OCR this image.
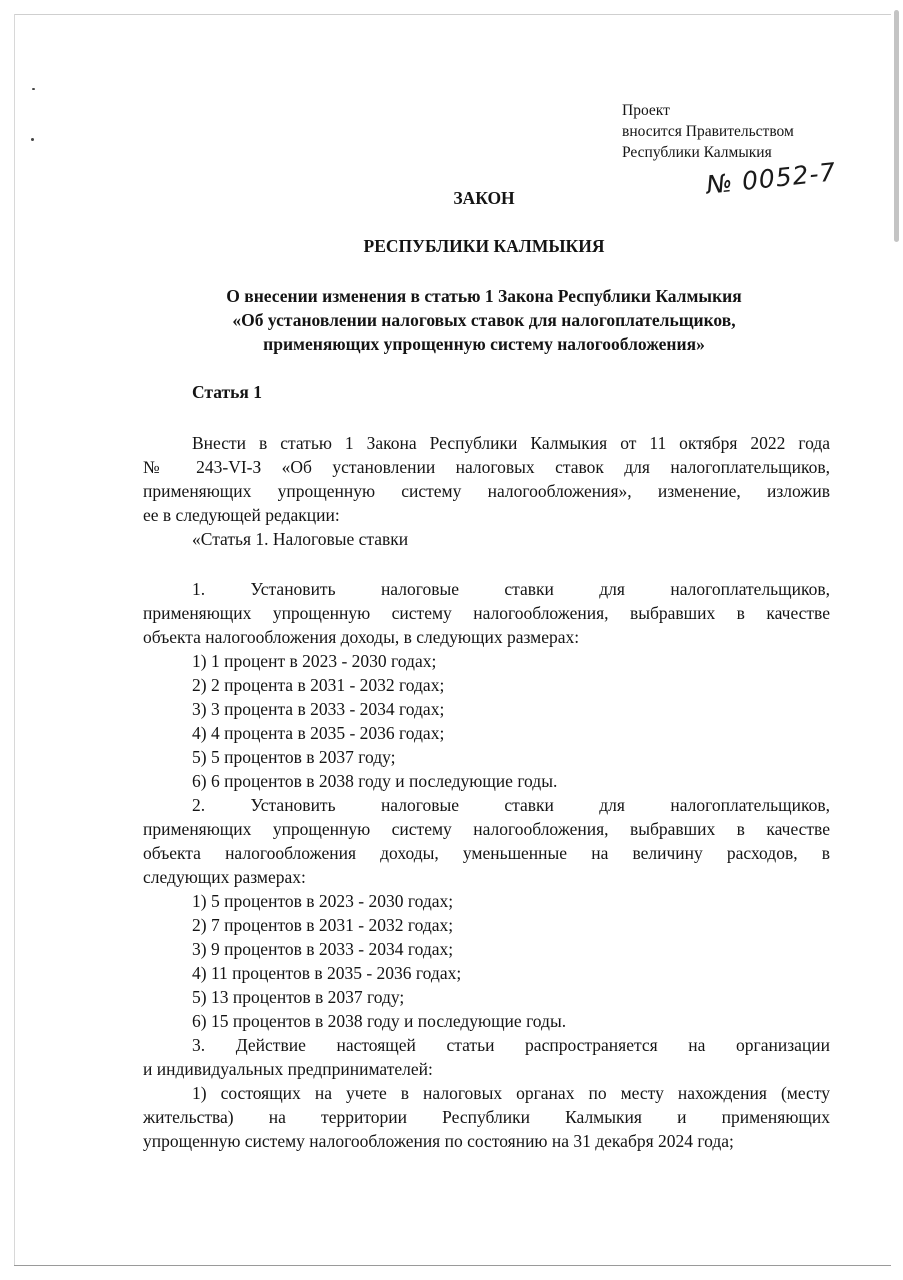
Проект
вносится Правительством
Республики Калмыкия
№ 0052-7
ЗАКОН
РЕСПУБЛИКИ КАЛМЫКИЯ
О внесении изменения в статью 1 Закона Республики Калмыкия
«Об установлении налоговых ставок для налогоплательщиков,
применяющих упрощенную систему налогообложения»
Статья 1
Внести в статью 1 Закона Республики Калмыкия от 11 октября 2022 года
№ 243-VI-З «Об установлении налоговых ставок для налогоплательщиков,
применяющих упрощенную систему налогообложения», изменение, изложив
ее в следующей редакции:
«Статья 1. Налоговые ставки
1. Установить налоговые ставки для налогоплательщиков,
применяющих упрощенную систему налогообложения, выбравших в качестве
объекта налогообложения доходы, в следующих размерах:
1) 1 процент в 2023 - 2030 годах;
2) 2 процента в 2031 - 2032 годах;
3) 3 процента в 2033 - 2034 годах;
4) 4 процента в 2035 - 2036 годах;
5) 5 процентов в 2037 году;
6) 6 процентов в 2038 году и последующие годы.
2. Установить налоговые ставки для налогоплательщиков,
применяющих упрощенную систему налогообложения, выбравших в качестве
объекта налогообложения доходы, уменьшенные на величину расходов, в
следующих размерах:
1) 5 процентов в 2023 - 2030 годах;
2) 7 процентов в 2031 - 2032 годах;
3) 9 процентов в 2033 - 2034 годах;
4) 11 процентов в 2035 - 2036 годах;
5) 13 процентов в 2037 году;
6) 15 процентов в 2038 году и последующие годы.
3. Действие настоящей статьи распространяется на организации
и индивидуальных предпринимателей:
1) состоящих на учете в налоговых органах по месту нахождения (месту
жительства) на территории Республики Калмыкия и применяющих
упрощенную систему налогообложения по состоянию на 31 декабря 2024 года;
